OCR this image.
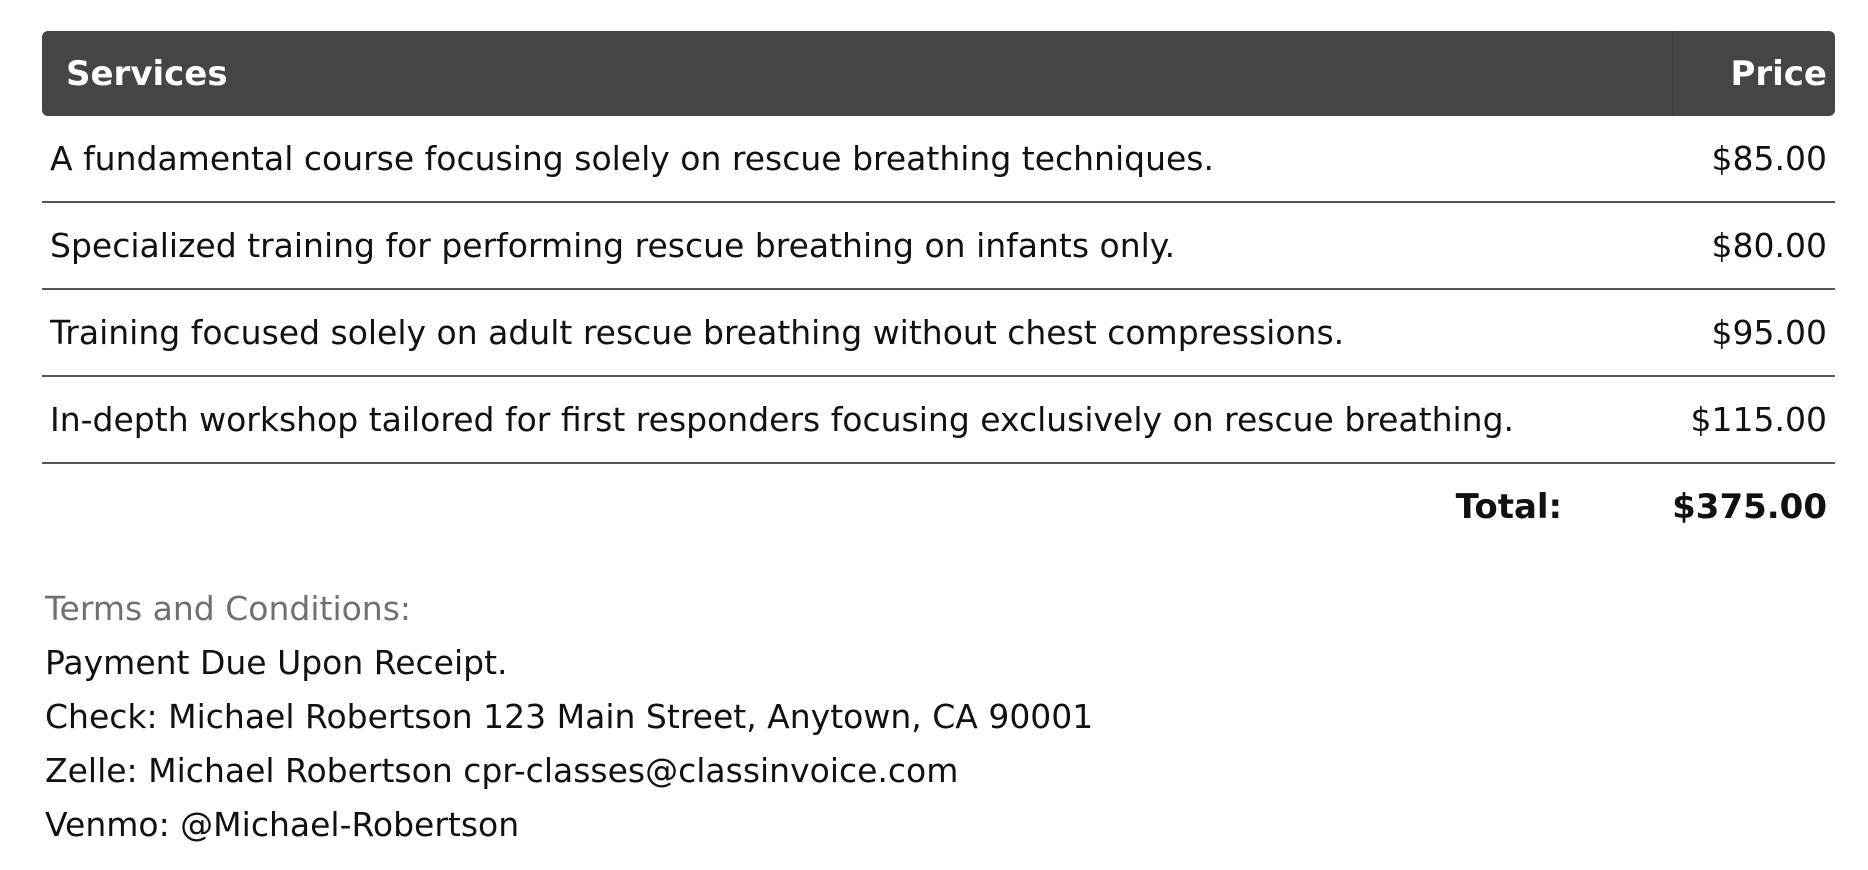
Services	Price
A fundamental course focusing solely on rescue breathing techniques.	$85.00
Specialized training for performing rescue breathing on infants only.	$80.00
Training focused solely on adult rescue breathing without chest compressions.	$95.00
In-depth workshop tailored for first responders focusing exclusively on rescue breathing.	$115.00
Total:	$375.00
Terms and Conditions:
Payment Due Upon Receipt.
Check: Michael Robertson 123 Main Street, Anytown, CA 90001
Zelle: Michael Robertson cpr-classes@classinvoice.com
Venmo: @Michael-Robertson
